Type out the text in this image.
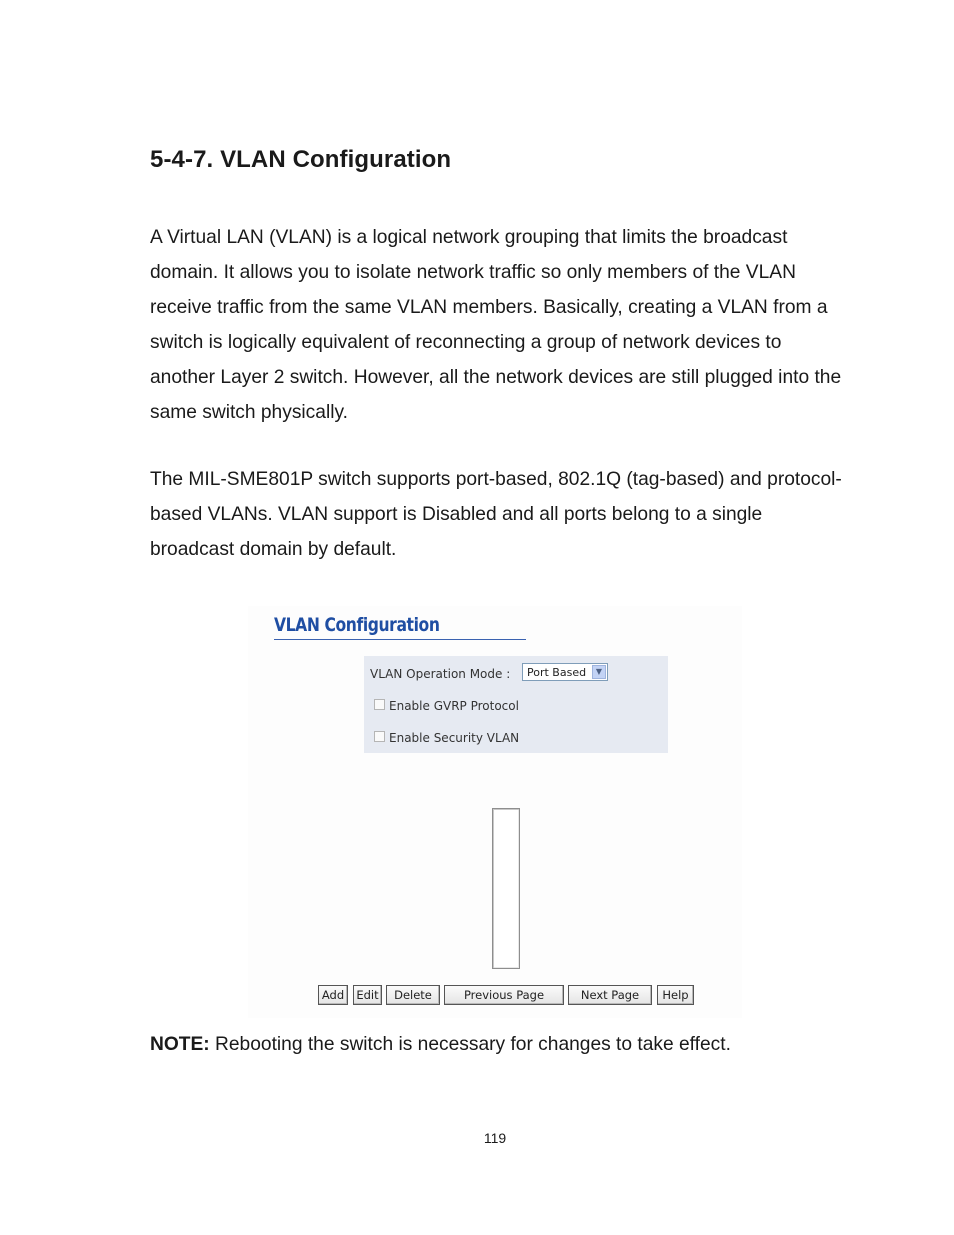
5-4-7. VLAN Configuration

A Virtual LAN (VLAN) is a logical network grouping that limits the broadcast domain. It allows you to isolate network traffic so only members of the VLAN receive traffic from the same VLAN members. Basically, creating a VLAN from a switch is logically equivalent of reconnecting a group of network devices to another Layer 2 switch. However, all the network devices are still plugged into the same switch physically.

The MIL-SME801P switch supports port-based, 802.1Q (tag-based) and protocol-based VLANs. VLAN support is Disabled and all ports belong to a single broadcast domain by default.

VLAN Configuration
VLAN Operation Mode : Port Based	▼
Enable GVRP Protocol
Enable Security VLAN
Add	Edit	Delete	Previous Page	Next Page	Help
NOTE: Rebooting the switch is necessary for changes to take effect.
119
